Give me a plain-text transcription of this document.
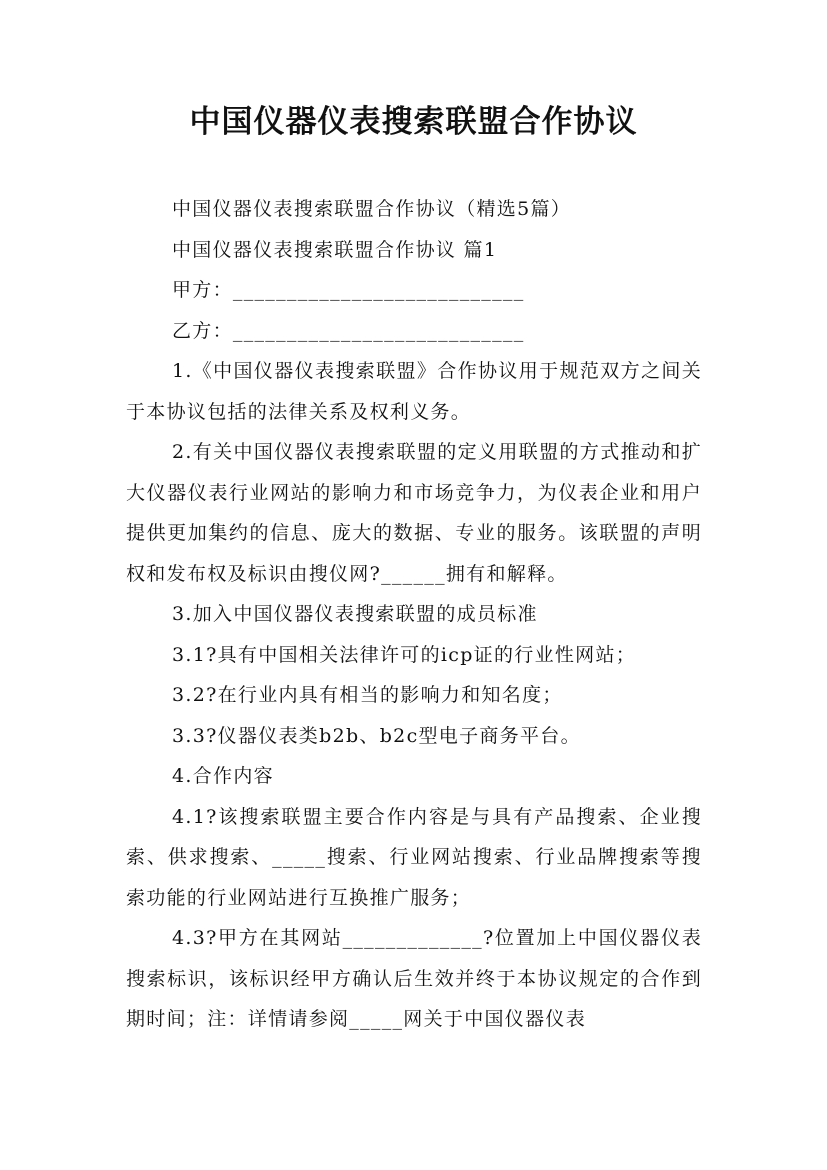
中国仪器仪表搜索联盟合作协议

中国仪器仪表搜索联盟合作协议（精选5篇）

中国仪器仪表搜索联盟合作协议 篇1

甲方：___________________________

乙方：___________________________

1.《中国仪器仪表搜索联盟》合作协议用于规范双方之间关于本协议包括的法律关系及权利义务。

2.有关中国仪器仪表搜索联盟的定义用联盟的方式推动和扩大仪器仪表行业网站的影响力和市场竞争力，为仪表企业和用户提供更加集约的信息、庞大的数据、专业的服务。该联盟的声明权和发布权及标识由搜仪网?______拥有和解释。

3.加入中国仪器仪表搜索联盟的成员标准

3.1?具有中国相关法律许可的icp证的行业性网站；

3.2?在行业内具有相当的影响力和知名度；

3.3?仪器仪表类b2b、b2c型电子商务平台。

4.合作内容

4.1?该搜索联盟主要合作内容是与具有产品搜索、企业搜索、供求搜索、_____搜索、行业网站搜索、行业品牌搜索等搜索功能的行业网站进行互换推广服务；

4.3?甲方在其网站_____________?位置加上中国仪器仪表搜索标识，该标识经甲方确认后生效并终于本协议规定的合作到期时间；注：详情请参阅_____网关于中国仪器仪表
